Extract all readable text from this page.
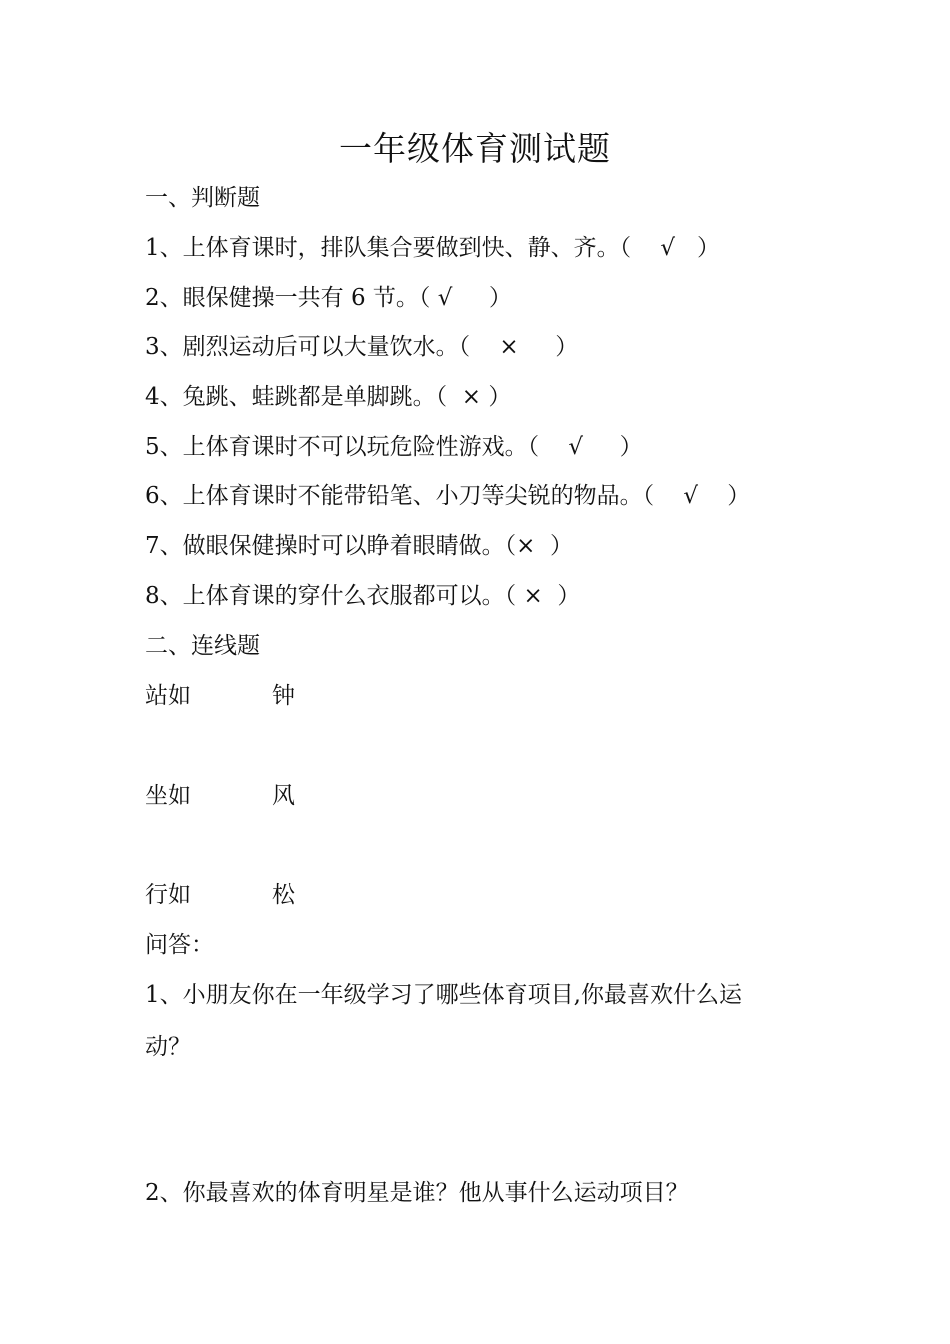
一年级体育测试题
一、判断题
1、上体育课时，排队集合要做到快、静、齐。（    √   ）
2、眼保健操一共有 6 节。（ √     ）
3、剧烈运动后可以大量饮水。（    ×     ）
4、兔跳、蛙跳都是单脚跳。（  × ）
5、上体育课时不可以玩危险性游戏。（    √     ）
6、上体育课时不能带铅笔、小刀等尖锐的物品。（    √    ）
7、做眼保健操时可以睁着眼睛做。（×  ）
8、上体育课的穿什么衣服都可以。（ ×  ）
二、连线题
站如	钟
坐如	风
行如	松
问答：
1、小朋友你在一年级学习了哪些体育项目,你最喜欢什么运
动？
2、你最喜欢的体育明星是谁？他从事什么运动项目？
